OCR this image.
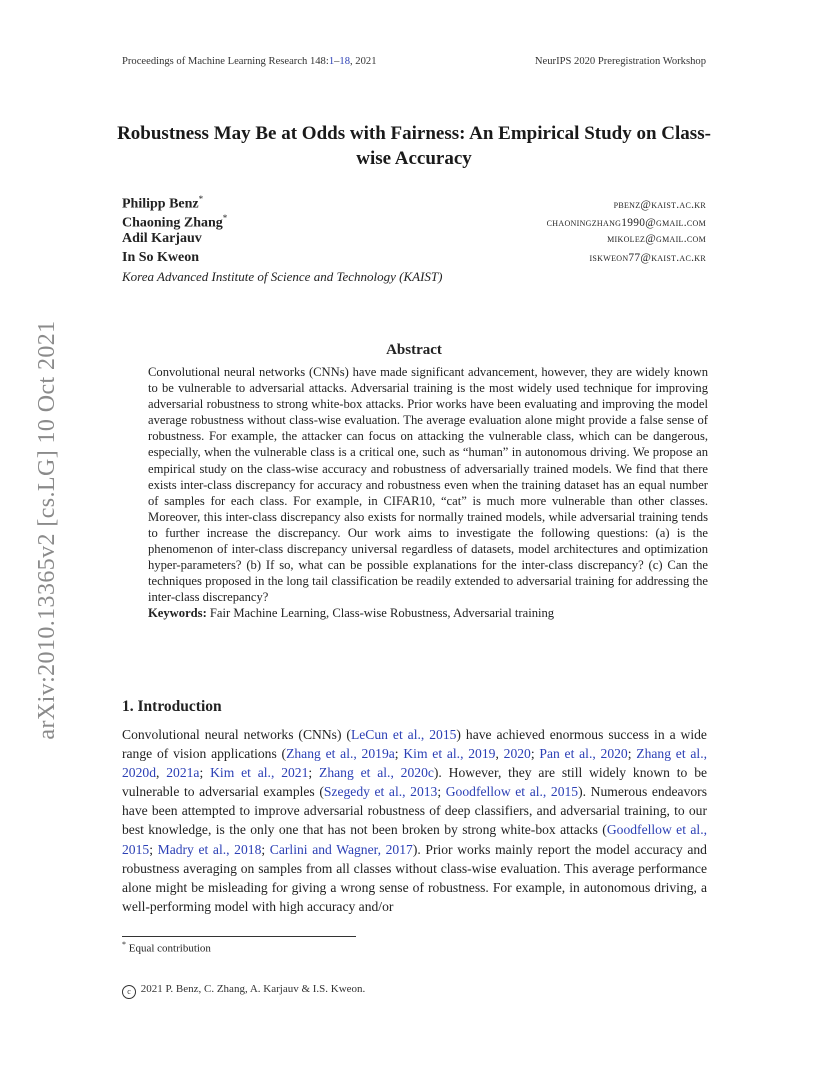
Proceedings of Machine Learning Research 148:1–18, 2021	NeurIPS 2020 Preregistration Workshop
arXiv:2010.13365v2 [cs.LG] 10 Oct 2021
Robustness May Be at Odds with Fairness: An Empirical Study on Class-wise Accuracy
Philipp Benz*	pbenz@kaist.ac.kr
Chaoning Zhang*	chaoningzhang1990@gmail.com
Adil Karjauv	mikolez@gmail.com
In So Kweon	iskweon77@kaist.ac.kr
Korea Advanced Institute of Science and Technology (KAIST)
Abstract
Convolutional neural networks (CNNs) have made significant advancement, however, they are widely known to be vulnerable to adversarial attacks. Adversarial training is the most widely used technique for improving adversarial robustness to strong white-box attacks. Prior works have been evaluating and improving the model average robustness without class-wise evaluation. The average evaluation alone might provide a false sense of robustness. For example, the attacker can focus on attacking the vulnerable class, which can be dangerous, especially, when the vulnerable class is a critical one, such as “human” in autonomous driving. We propose an empirical study on the class-wise accuracy and robustness of adversarially trained models. We find that there exists inter-class discrepancy for accuracy and robustness even when the training dataset has an equal number of samples for each class. For example, in CIFAR10, “cat” is much more vulnerable than other classes. Moreover, this inter-class discrepancy also exists for normally trained models, while adversarial training tends to further increase the discrepancy. Our work aims to investigate the following questions: (a) is the phenomenon of inter-class discrepancy universal regardless of datasets, model architectures and optimization hyper-parameters? (b) If so, what can be possible explanations for the inter-class discrepancy? (c) Can the techniques proposed in the long tail classification be readily extended to adversarial training for addressing the inter-class discrepancy?
Keywords: Fair Machine Learning, Class-wise Robustness, Adversarial training
1. Introduction
Convolutional neural networks (CNNs) (LeCun et al., 2015) have achieved enormous success in a wide range of vision applications (Zhang et al., 2019a; Kim et al., 2019, 2020; Pan et al., 2020; Zhang et al., 2020d, 2021a; Kim et al., 2021; Zhang et al., 2020c). However, they are still widely known to be vulnerable to adversarial examples (Szegedy et al., 2013; Goodfellow et al., 2015). Numerous endeavors have been attempted to improve adversarial robustness of deep classifiers, and adversarial training, to our best knowledge, is the only one that has not been broken by strong white-box attacks (Goodfellow et al., 2015; Madry et al., 2018; Carlini and Wagner, 2017). Prior works mainly report the model accuracy and robustness averaging on samples from all classes without class-wise evaluation. This average performance alone might be misleading for giving a wrong sense of robustness. For example, in autonomous driving, a well-performing model with high accuracy and/or
* Equal contribution
c 2021 P. Benz, C. Zhang, A. Karjauv & I.S. Kweon.
